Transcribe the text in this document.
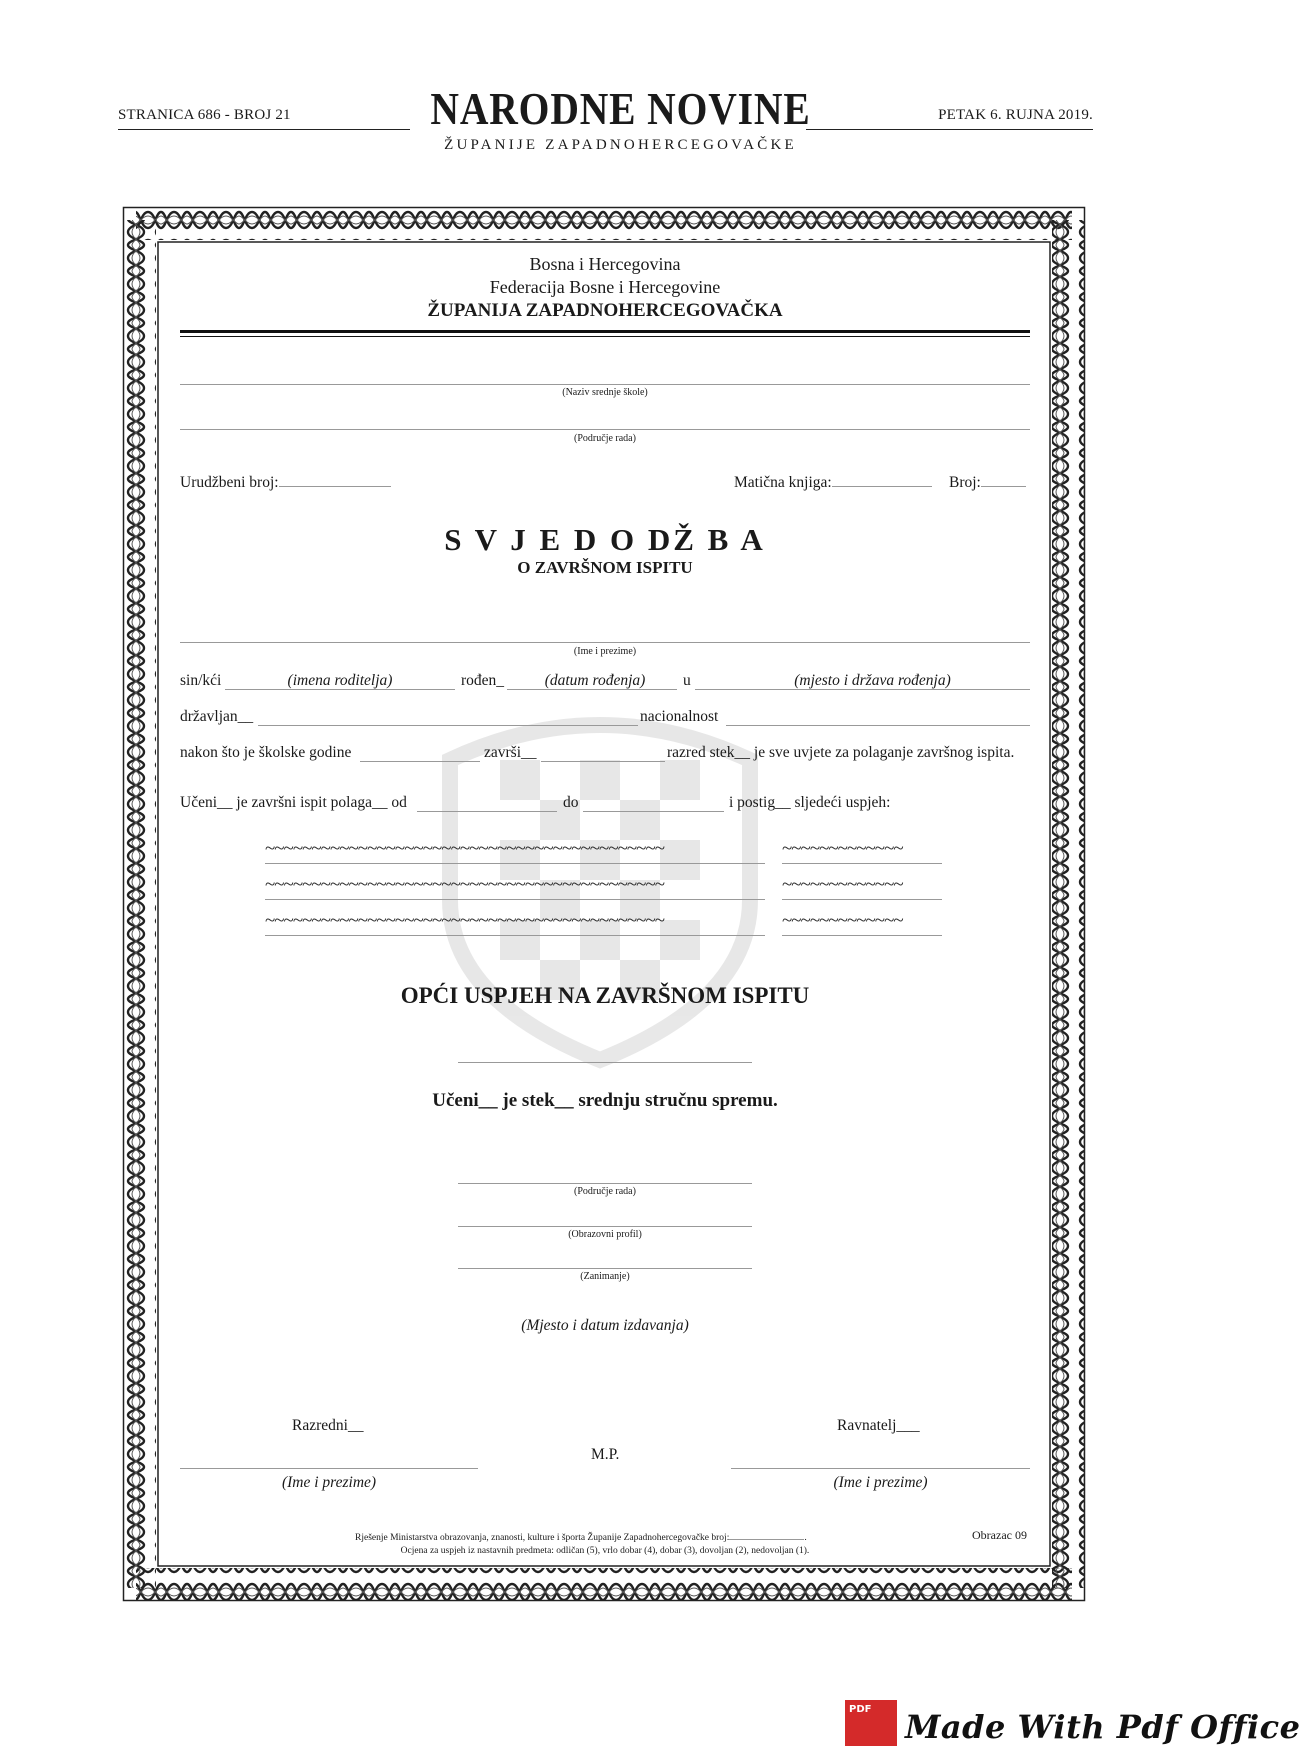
STRANICA 686 - BROJ 21	NARODNE NOVINE
ŽUPANIJE ZAPADNOHERCEGOVAČKE
PETAK 6. RUJNA 2019.
Bosna i Hercegovina
Federacija Bosne i Hercegovine
ŽUPANIJA ZAPADNOHERCEGOVAČKA
(Naziv srednje škole)
(Područje rada)
Urudžbeni broj:	Matična knjiga:	Broj:
S V J E D O DŽ B A
O ZAVRŠNOM ISPITU
(Ime i prezime)
sin/kći	(imena roditelja)	rođen_	(datum rođenja)	u	(mjesto i država rođenja)
državljan__	nacionalnost
nakon što je školske godine	završi__	razred stek__ je sve uvjete za polaganje završnog ispita.
Učeni__ je završni ispit polaga__ od	do	i postig__ sljedeći uspjeh:
~~~~~~~~~~~~~~~~~~~~~~~~~~~~~~~~~~~~~~~~~~~	~~~~~~~~~~~~~
~~~~~~~~~~~~~~~~~~~~~~~~~~~~~~~~~~~~~~~~~~~	~~~~~~~~~~~~~
~~~~~~~~~~~~~~~~~~~~~~~~~~~~~~~~~~~~~~~~~~~	~~~~~~~~~~~~~
OPĆI USPJEH NA ZAVRŠNOM ISPITU
Učeni__ je stek__ srednju stručnu spremu.
(Područje rada)
(Obrazovni profil)
(Zanimanje)
(Mjesto i datum izdavanja)
Razredni__	Ravnatelj___
M.P.
(Ime i prezime)	(Ime i prezime)
Rješenje Ministarstva obrazovanja, znanosti, kulture i športa Županije Zapadnohercegovačke broj:	.	Obrazac 09
Ocjena za uspjeh iz nastavnih predmeta: odličan (5), vrlo dobar (4), dobar (3), dovoljan (2), nedovoljan (1).
PDF Made With Pdf Office
